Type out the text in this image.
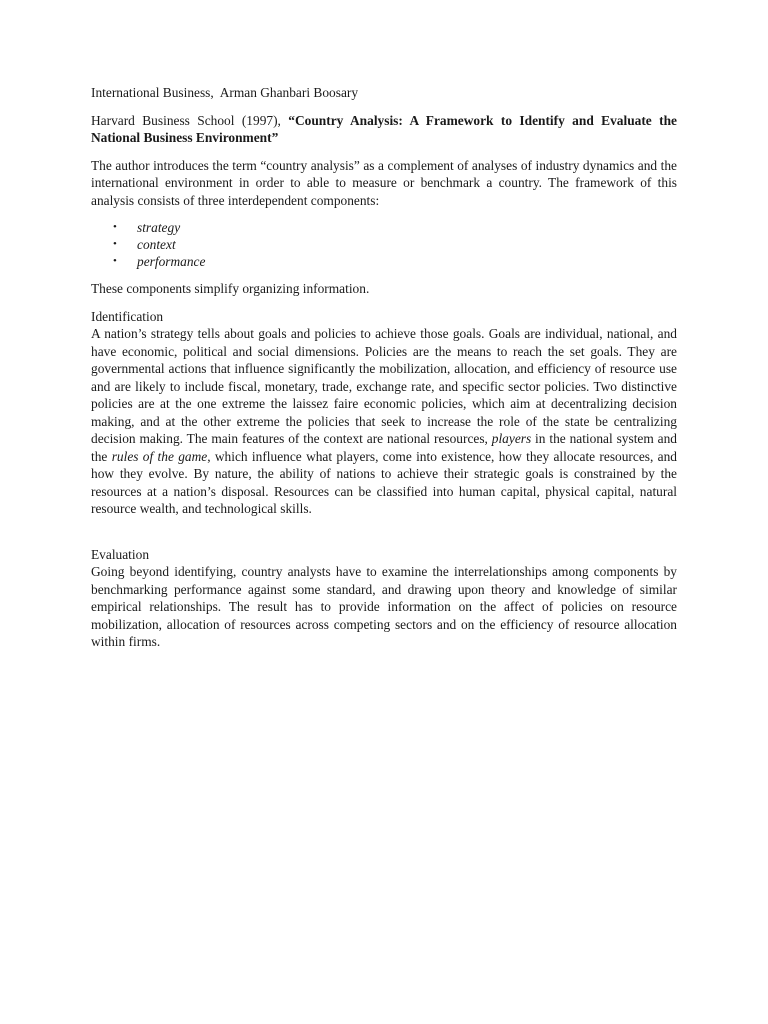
International Business, Arman Ghanbari Boosary
Harvard Business School (1997), “Country Analysis: A Framework to Identify and Evaluate the National Business Environment”

The author introduces the term “country analysis” as a complement of analyses of industry dynamics and the international environment in order to able to measure or benchmark a country. The framework of this analysis consists of three interdependent components:

• strategy
• context
• performance

These components simplify organizing information.

Identification

A nation’s strategy tells about goals and policies to achieve those goals. Goals are individual, national, and have economic, political and social dimensions. Policies are the means to reach the set goals. They are governmental actions that influence significantly the mobilization, allocation, and efficiency of resource use and are likely to include fiscal, monetary, trade, exchange rate, and specific sector policies. Two distinctive policies are at the one extreme the laissez faire economic policies, which aim at decentralizing decision making, and at the other extreme the policies that seek to increase the role of the state be centralizing decision making. The main features of the context are national resources, players in the national system and the rules of the game, which influence what players, come into existence, how they allocate resources, and how they evolve. By nature, the ability of nations to achieve their strategic goals is constrained by the resources at a nation’s disposal. Resources can be classified into human capital, physical capital, natural resource wealth, and technological skills.

Evaluation

Going beyond identifying, country analysts have to examine the interrelationships among components by benchmarking performance against some standard, and drawing upon theory and knowledge of similar empirical relationships. The result has to provide information on the affect of policies on resource mobilization, allocation of resources across competing sectors and on the efficiency of resource allocation within firms.
